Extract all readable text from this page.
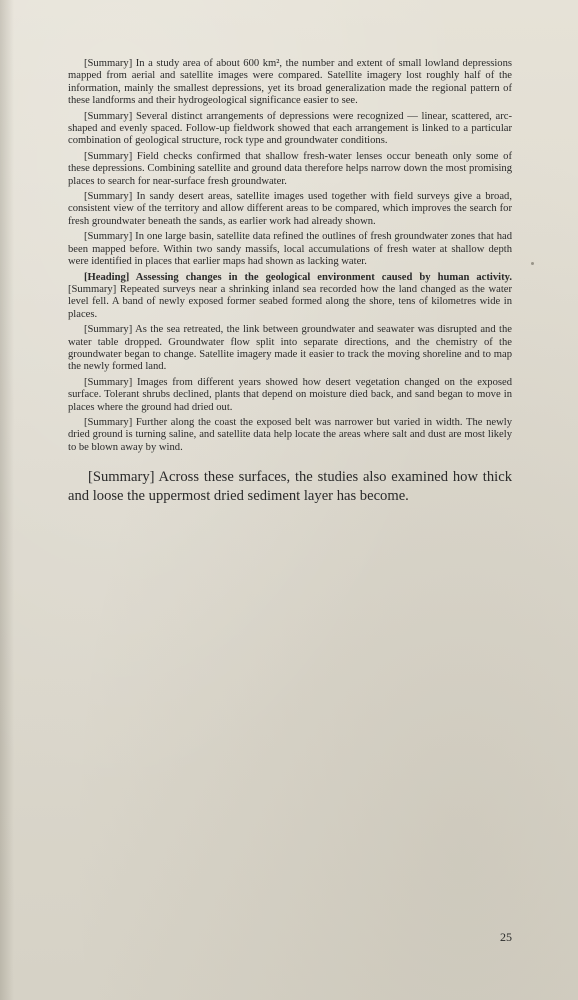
[Summary] In a study area of about 600 km², the number and extent of small lowland depressions mapped from aerial and satellite images were compared. Satellite imagery lost roughly half of the information, mainly the smallest depressions, yet its broad generalization made the regional pattern of these landforms and their hydrogeological significance easier to see.

[Summary] Several distinct arrangements of depressions were recognized — linear, scattered, arc-shaped and evenly spaced. Follow-up fieldwork showed that each arrangement is linked to a particular combination of geological structure, rock type and groundwater conditions.

[Summary] Field checks confirmed that shallow fresh-water lenses occur beneath only some of these depressions. Combining satellite and ground data therefore helps narrow down the most promising places to search for near-surface fresh groundwater.

[Summary] In sandy desert areas, satellite images used together with field surveys give a broad, consistent view of the territory and allow different areas to be compared, which improves the search for fresh groundwater beneath the sands, as earlier work had already shown.

[Summary] In one large basin, satellite data refined the outlines of fresh groundwater zones that had been mapped before. Within two sandy massifs, local accumulations of fresh water at shallow depth were identified in places that earlier maps had shown as lacking water.

[Heading] Assessing changes in the geological environment caused by human activity. [Summary] Repeated surveys near a shrinking inland sea recorded how the land changed as the water level fell. A band of newly exposed former seabed formed along the shore, tens of kilometres wide in places.

[Summary] As the sea retreated, the link between groundwater and seawater was disrupted and the water table dropped. Groundwater flow split into separate directions, and the chemistry of the groundwater began to change. Satellite imagery made it easier to track the moving shoreline and to map the newly formed land.

[Summary] Images from different years showed how desert vegetation changed on the exposed surface. Tolerant shrubs declined, plants that depend on moisture died back, and sand began to move in places where the ground had dried out.

[Summary] Further along the coast the exposed belt was narrower but varied in width. The newly dried ground is turning saline, and satellite data help locate the areas where salt and dust are most likely to be blown away by wind.

[Summary] Across these surfaces, the studies also examined how thick and loose the uppermost dried sediment layer has become.

25
